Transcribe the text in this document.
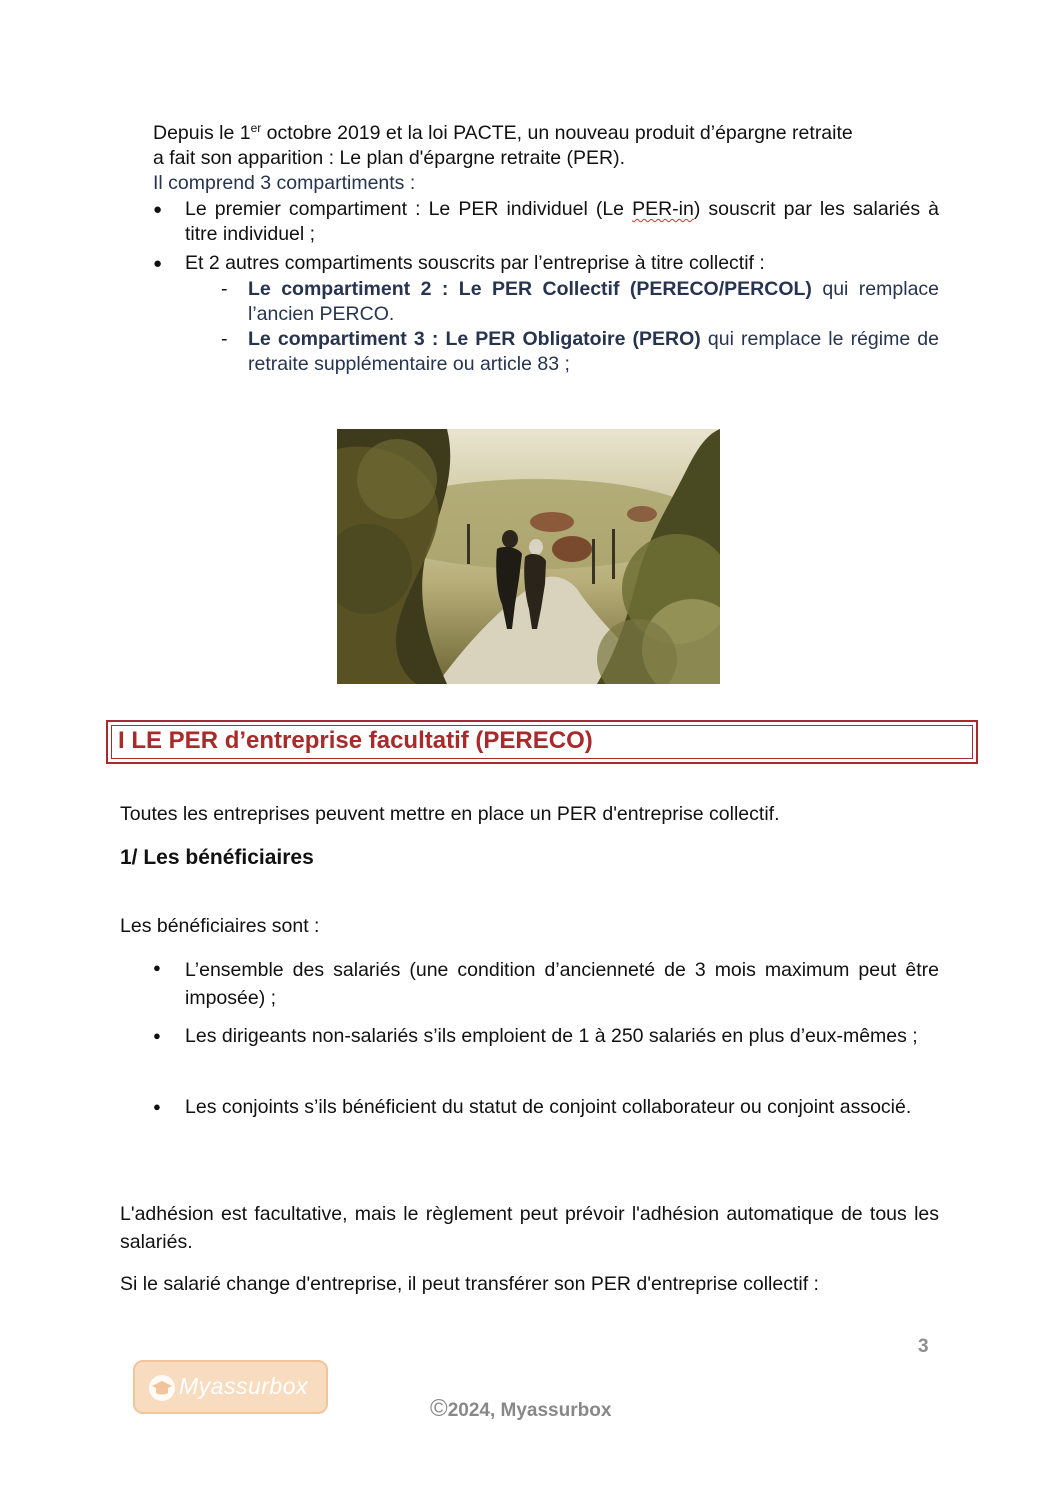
Depuis le 1er octobre 2019 et la loi PACTE, un nouveau produit d’épargne retraite
a fait son apparition : Le plan d'épargne retraite (PER).
Il comprend 3 compartiments :
● Le premier compartiment : Le PER individuel (Le PER-in) souscrit par les salariés à titre individuel ;
● Et 2 autres compartiments souscrits par l’entreprise à titre collectif :
- Le compartiment 2 : Le PER Collectif (PERECO/PERCOL) qui remplace l’ancien PERCO.
- Le compartiment 3 : Le PER Obligatoire (PERO) qui remplace le régime de retraite supplémentaire ou article 83 ;
I LE PER d’entreprise facultatif (PERECO)
Toutes les entreprises peuvent mettre en place un PER d'entreprise collectif.
1/ Les bénéficiaires
Les bénéficiaires sont :
● L’ensemble des salariés (une condition d’ancienneté de 3 mois maximum peut être imposée) ;
● Les dirigeants non-salariés s’ils emploient de 1 à 250 salariés en plus d’eux-mêmes ;
● Les conjoints s’ils bénéficient du statut de conjoint collaborateur ou conjoint associé.
L'adhésion est facultative, mais le règlement peut prévoir l'adhésion automatique de tous les salariés.
Si le salarié change d'entreprise, il peut transférer son PER d'entreprise collectif :
3
Myassurbox
©2024, Myassurbox
